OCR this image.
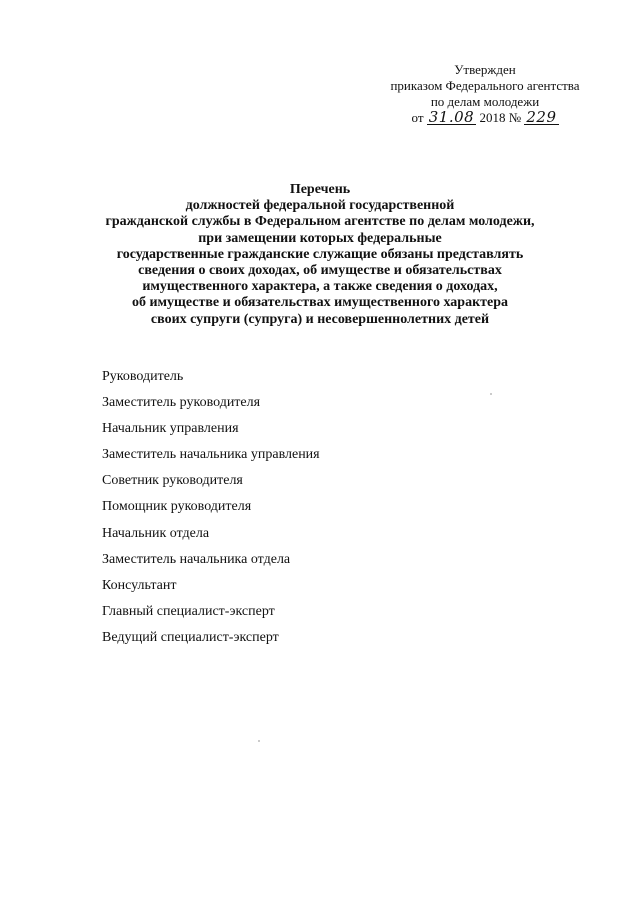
Утвержден
приказом Федерального агентства
по делам молодежи
от 31.08 2018 № 229
Перечень
должностей федеральной государственной
гражданской службы в Федеральном агентстве по делам молодежи,
при замещении которых федеральные
государственные гражданские служащие обязаны представлять
сведения о своих доходах, об имуществе и обязательствах
имущественного характера, а также сведения о доходах,
об имуществе и обязательствах имущественного характера
своих супруги (супруга) и несовершеннолетних детей
Руководитель
Заместитель руководителя
Начальник управления
Заместитель начальника управления
Советник руководителя
Помощник руководителя
Начальник отдела
Заместитель начальника отдела
Консультант
Главный специалист-эксперт
Ведущий специалист-эксперт
